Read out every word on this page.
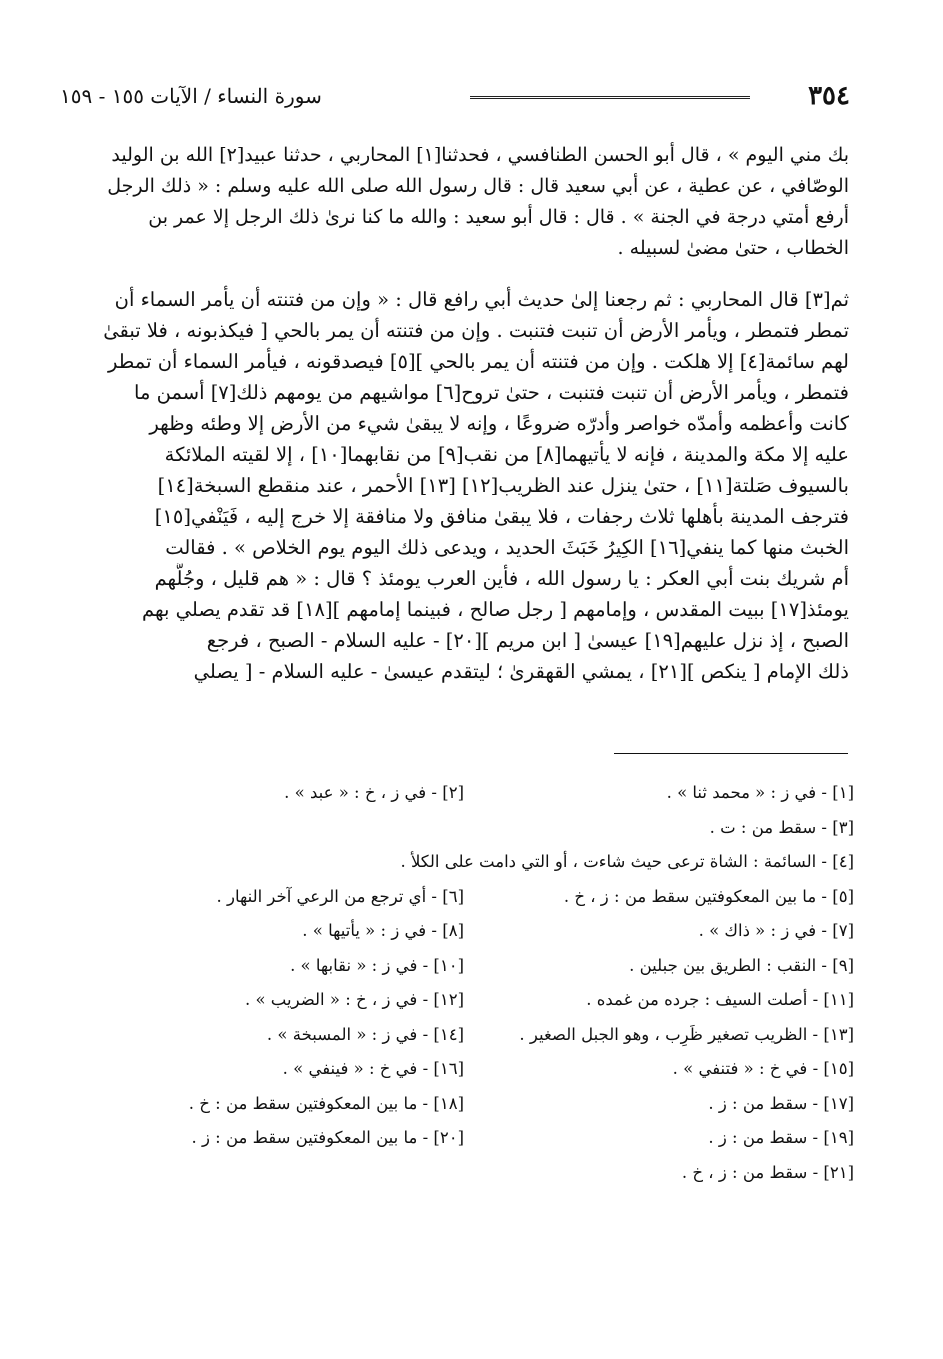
٣٥٤
سورة النساء / الآيات ١٥٥ - ١٥٩
بك مني اليوم » ، قال أبو الحسن الطنافسي ، فحدثنا[١] المحاربي ، حدثنا عبيد[٢] الله بن الوليد
الوصّافي ، عن عطية ، عن أبي سعيد قال : قال رسول الله صلى الله عليه وسلم : « ذلك الرجل
أرفع أمتي درجة في الجنة » . قال : قال أبو سعيد : والله ما كنا نرىٰ ذلك الرجل إلا عمر بن
الخطاب ، حتىٰ مضىٰ لسبيله .
ثم[٣] قال المحاربي : ثم رجعنا إلىٰ حديث أبي رافع قال : « وإن من فتنته أن يأمر السماء أن
تمطر فتمطر ، ويأمر الأرض أن تنبت فتنبت . وإن من فتنته أن يمر بالحي [ فيكذبونه ، فلا تبقىٰ
لهم سائمة[٤] إلا هلكت . وإن من فتنته أن يمر بالحي ][٥] فيصدقونه ، فيأمر السماء أن تمطر
فتمطر ، ويأمر الأرض أن تنبت فتنبت ، حتىٰ تروح[٦] مواشيهم من يومهم ذلك[٧] أسمن ما
كانت وأعظمه وأمدّه خواصر وأدرّه ضروعًا ، وإنه لا يبقىٰ شيء من الأرض إلا وطئه وظهر
عليه إلا مكة والمدينة ، فإنه لا يأتيهما[٨] من نقب[٩] من نقابهما[١٠] ، إلا لقيته الملائكة
بالسيوف صَلتة[١١] ، حتىٰ ينزل عند الظريب[١٢] [١٣] الأحمر ، عند منقطع السبخة[١٤]
فترجف المدينة بأهلها ثلاث رجفات ، فلا يبقىٰ منافق ولا منافقة إلا خرج إليه ، فَيَنْفي[١٥]
الخبث منها كما ينفي[١٦] الكِيرُ خَبَثَ الحديد ، ويدعى ذلك اليوم يوم الخلاص » . فقالت
أم شريك بنت أبي العكر : يا رسول الله ، فأين العرب يومئذ ؟ قال : « هم قليل ، وجُلُّهم
يومئذ[١٧] ببيت المقدس ، وإمامهم [ رجل صالح ، فبينما إمامهم ][١٨] قد تقدم يصلي بهم
الصبح ، إذ نزل عليهم[١٩] عيسىٰ [ ابن مريم ][٢٠] - عليه السلام - الصبح ، فرجع
ذلك الإمام [ ينكص ][٢١] ، يمشي القهقرىٰ ؛ ليتقدم عيسىٰ - عليه السلام - [ يصلي
[١] - في ز : « محمد ثنا » .
[٢] - في ز ، خ : « عبد » .
[٣] - سقط من : ت .
[٤] - السائمة : الشاة ترعى حيث شاءت ، أو التي دامت على الكلأ .
[٥] - ما بين المعكوفتين سقط من : ز ، خ .
[٦] - أي ترجع من الرعي آخر النهار .
[٧] - في ز : « ذاك » .
[٨] - في ز : « يأتيها » .
[٩] - النقب : الطريق بين جبلين .
[١٠] - في ز : « نقابها » .
[١١] - أصلت السيف : جرده من غمده .
[١٢] - في ز ، خ : « الضريب » .
[١٣] - الظريب تصغير ظَرِب ، وهو الجبل الصغير .
[١٤] - في ز : « المسبخة » .
[١٥] - في خ : « فتنفي » .
[١٦] - في خ : « فينفي » .
[١٧] - سقط من : ز .
[١٨] - ما بين المعكوفتين سقط من : خ .
[١٩] - سقط من : ز .
[٢٠] - ما بين المعكوفتين سقط من : ز .
[٢١] - سقط من : ز ، خ .
